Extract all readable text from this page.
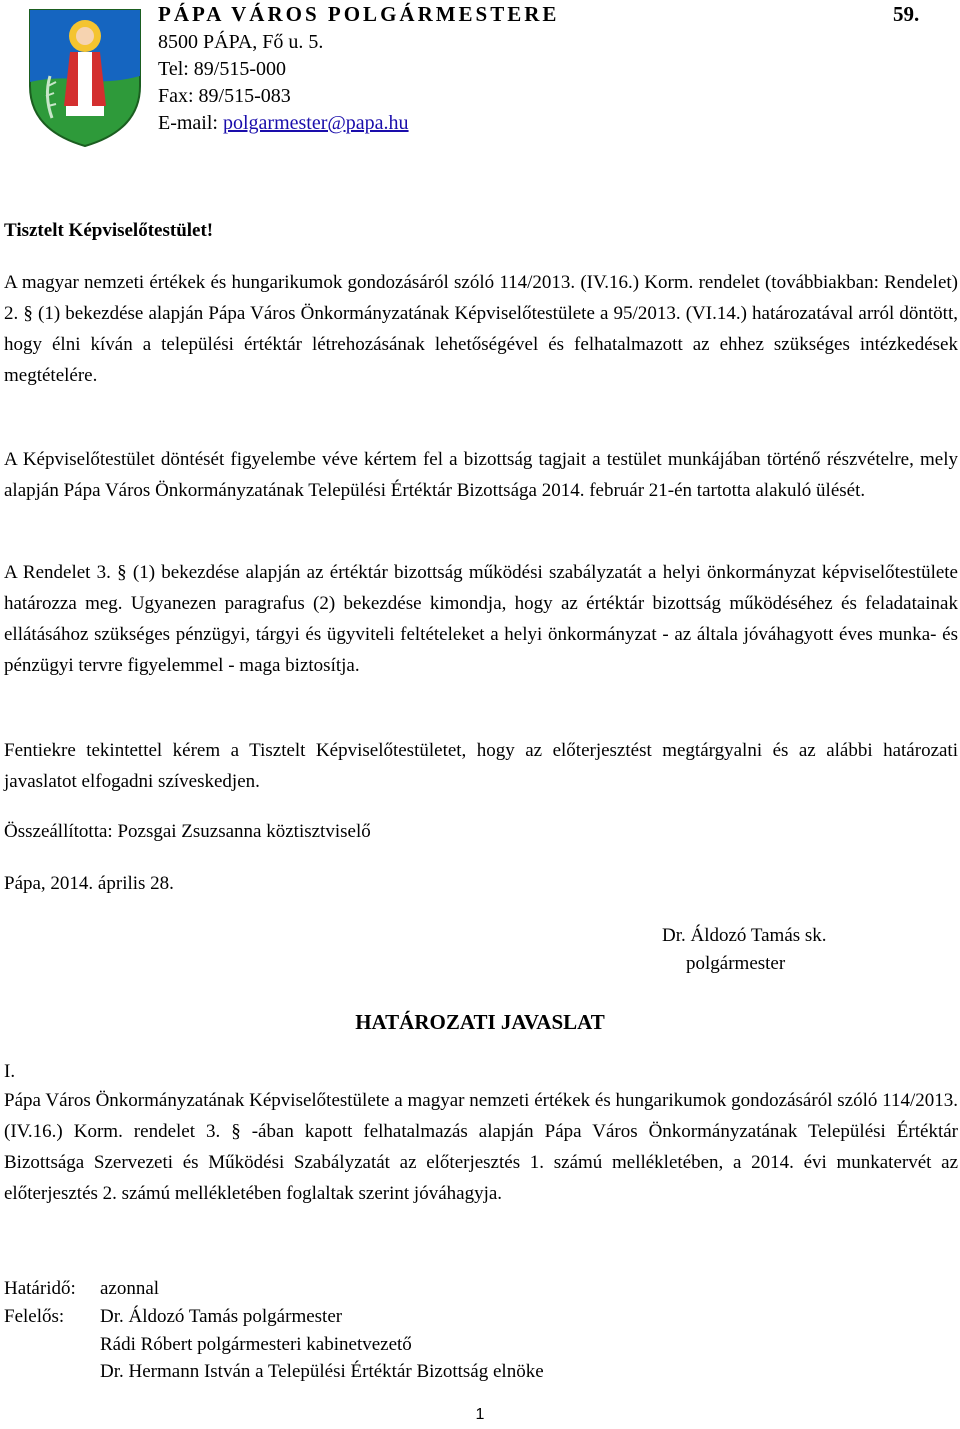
PÁPA VÁROS POLGÁRMESTERE	59.
8500 PÁPA, Fő u. 5.
Tel: 89/515-000
Fax: 89/515-083
E-mail: polgarmester@papa.hu
Tisztelt Képviselőtestület!
A magyar nemzeti értékek és hungarikumok gondozásáról szóló 114/2013. (IV.16.) Korm. rendelet (továbbiakban: Rendelet) 2. § (1) bekezdése alapján Pápa Város Önkormányzatának Képviselőtestülete a 95/2013. (VI.14.) határozatával arról döntött, hogy élni kíván a települési értéktár létrehozásának lehetőségével és felhatalmazott az ehhez szükséges intézkedések megtételére.
A Képviselőtestület döntését figyelembe véve kértem fel a bizottság tagjait a testület munkájában történő részvételre, mely alapján Pápa Város Önkormányzatának Települési Értéktár Bizottsága 2014. február 21-én tartotta alakuló ülését.
A Rendelet 3. § (1) bekezdése alapján az értéktár bizottság működési szabályzatát a helyi önkormányzat képviselőtestülete határozza meg. Ugyanezen paragrafus (2) bekezdése kimondja, hogy az értéktár bizottság működéséhez és feladatainak ellátásához szükséges pénzügyi, tárgyi és ügyviteli feltételeket a helyi önkormányzat - az általa jóváhagyott éves munka- és pénzügyi tervre figyelemmel - maga biztosítja.
Fentiekre tekintettel kérem a Tisztelt Képviselőtestületet, hogy az előterjesztést megtárgyalni és az alábbi határozati javaslatot elfogadni szíveskedjen.
Összeállította: Pozsgai Zsuzsanna köztisztviselő
Pápa, 2014. április 28.
Dr. Áldozó Tamás sk.
polgármester
HATÁROZATI JAVASLAT
I.
Pápa Város Önkormányzatának Képviselőtestülete a magyar nemzeti értékek és hungarikumok gondozásáról szóló 114/2013. (IV.16.) Korm. rendelet 3. § -ában kapott felhatalmazás alapján Pápa Város Önkormányzatának Települési Értéktár Bizottsága Szervezeti és Működési Szabályzatát az előterjesztés 1. számú mellékletében, a 2014. évi munkatervét az előterjesztés 2. számú mellékletében foglaltak szerint jóváhagyja.
Határidő: azonnal
Felelős: Dr. Áldozó Tamás polgármester
Rádi Róbert polgármesteri kabinetvezető
Dr. Hermann István a Települési Értéktár Bizottság elnöke
1
